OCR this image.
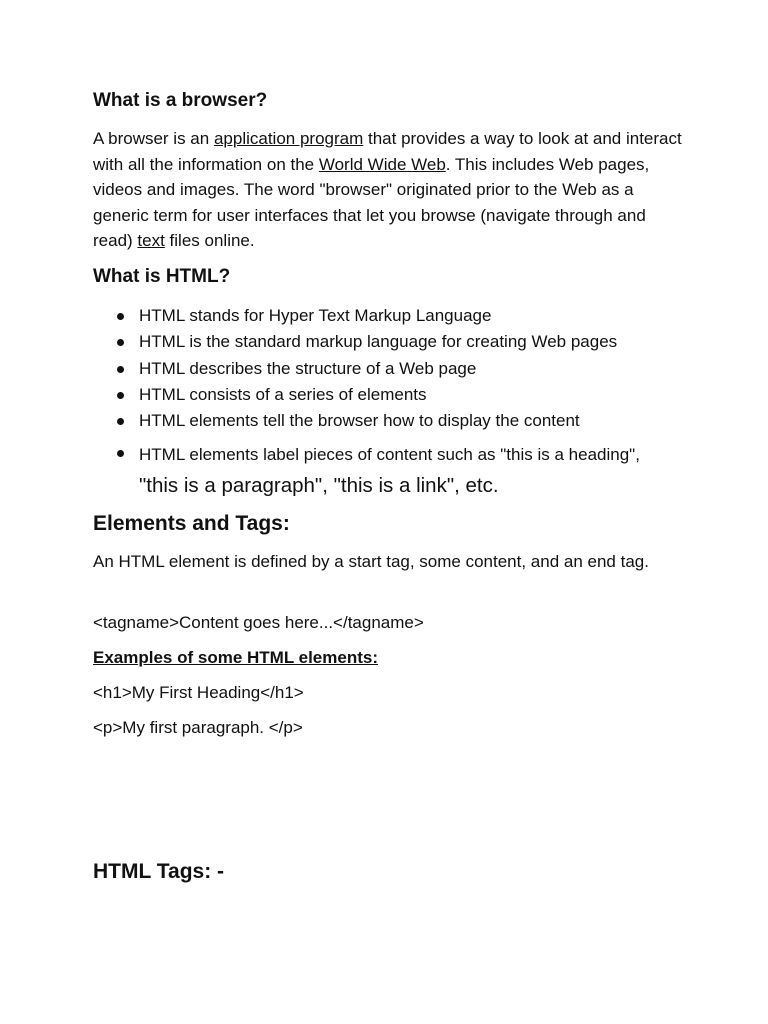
What is a browser?

A browser is an application program that provides a way to look at and interact with all the information on the World Wide Web. This includes Web pages, videos and images. The word "browser" originated prior to the Web as a generic term for user interfaces that let you browse (navigate through and read) text files online.

What is HTML?
HTML stands for Hyper Text Markup Language
HTML is the standard markup language for creating Web pages
HTML describes the structure of a Web page
HTML consists of a series of elements
HTML elements tell the browser how to display the content
HTML elements label pieces of content such as "this is a heading", "this is a paragraph", "this is a link", etc.
Elements and Tags:

An HTML element is defined by a start tag, some content, and an end tag.

<tagname>Content goes here...</tagname>

Examples of some HTML elements:

<h1>My First Heading</h1>

<p>My first paragraph. </p>

HTML Tags: -
